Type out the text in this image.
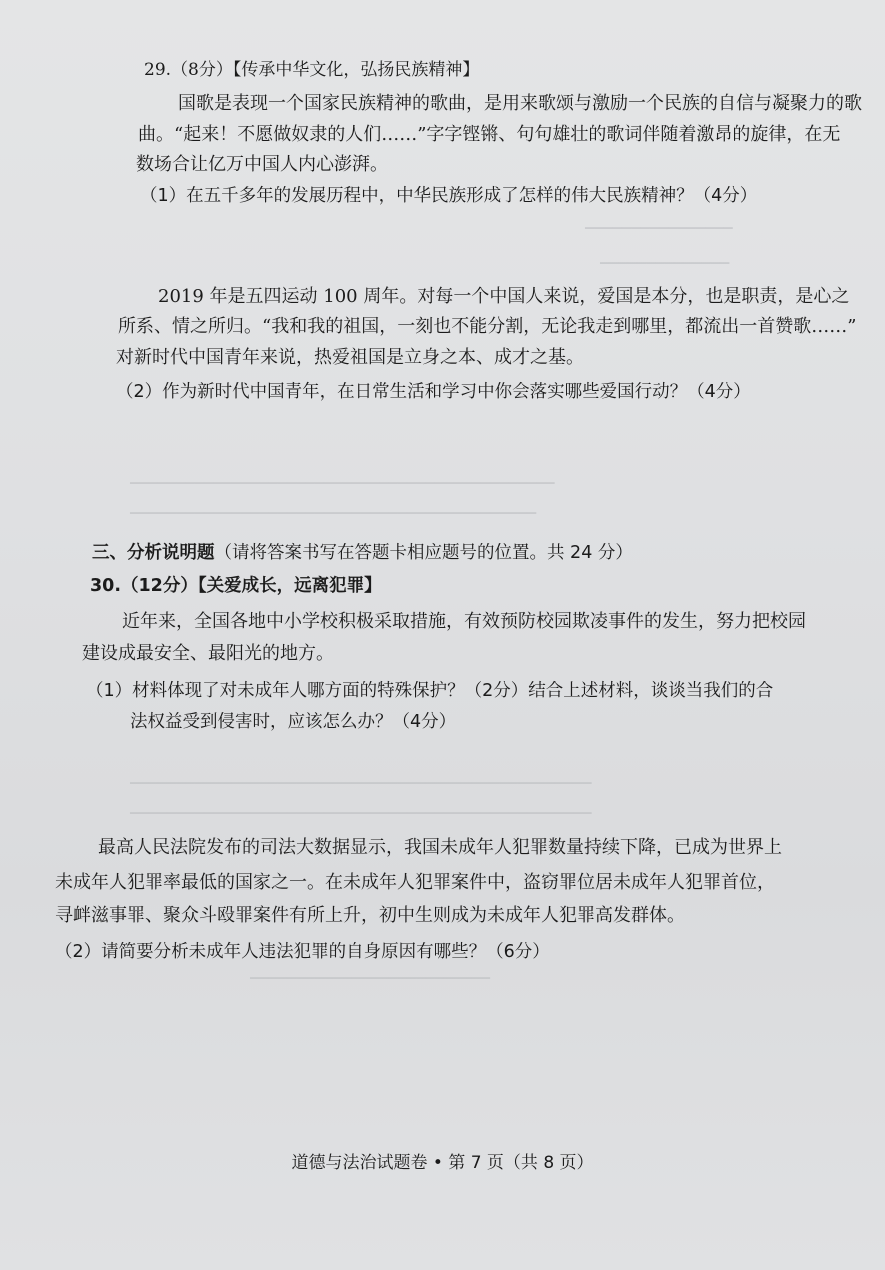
▁▁▁▁▁▁▁▁▁▁▁▁▁▁▁▁
▁▁▁▁▁▁▁▁▁▁▁▁▁▁
▁▁▁▁▁▁▁▁▁▁▁▁▁▁▁▁▁▁▁▁▁▁▁▁▁▁▁▁▁▁▁▁▁▁▁▁▁▁▁▁▁▁▁▁▁▁
▁▁▁▁▁▁▁▁▁▁▁▁▁▁▁▁▁▁▁▁▁▁▁▁▁▁▁▁▁▁▁▁▁▁▁▁▁▁▁▁▁▁▁▁
▁▁▁▁▁▁▁▁▁▁▁▁▁▁▁▁▁▁▁▁▁▁▁▁▁▁▁▁▁▁▁▁▁▁▁▁▁▁▁▁▁▁▁▁▁▁▁▁▁▁
▁▁▁▁▁▁▁▁▁▁▁▁▁▁▁▁▁▁▁▁▁▁▁▁▁▁▁▁▁▁▁▁▁▁▁▁▁▁▁▁▁▁▁▁▁▁▁▁▁▁
▁▁▁▁▁▁▁▁▁▁▁▁▁▁▁▁▁▁▁▁▁▁▁▁▁▁
29.（8分）【传承中华文化，弘扬民族精神】
国歌是表现一个国家民族精神的歌曲，是用来歌颂与激励一个民族的自信与凝聚力的歌
曲。“起来！不愿做奴隶的人们……”字字铿锵、句句雄壮的歌词伴随着激昂的旋律，在无
数场合让亿万中国人内心澎湃。
（1）在五千多年的发展历程中，中华民族形成了怎样的伟大民族精神？（4分）
2019 年是五四运动 100 周年。对每一个中国人来说，爱国是本分，也是职责，是心之
所系、情之所归。“我和我的祖国，一刻也不能分割，无论我走到哪里，都流出一首赞歌……”
对新时代中国青年来说，热爱祖国是立身之本、成才之基。
（2）作为新时代中国青年，在日常生活和学习中你会落实哪些爱国行动？（4分）
三、分析说明题（请将答案书写在答题卡相应题号的位置。共 24 分）
30.（12分）【关爱成长，远离犯罪】
近年来，全国各地中小学校积极采取措施，有效预防校园欺凌事件的发生，努力把校园
建设成最安全、最阳光的地方。
（1）材料体现了对未成年人哪方面的特殊保护？（2分）结合上述材料，谈谈当我们的合
法权益受到侵害时，应该怎么办？（4分）
最高人民法院发布的司法大数据显示，我国未成年人犯罪数量持续下降，已成为世界上
未成年人犯罪率最低的国家之一。在未成年人犯罪案件中，盗窃罪位居未成年人犯罪首位，
寻衅滋事罪、聚众斗殴罪案件有所上升，初中生则成为未成年人犯罪高发群体。
（2）请简要分析未成年人违法犯罪的自身原因有哪些？（6分）
道德与法治试题卷 • 第 7 页（共 8 页）
